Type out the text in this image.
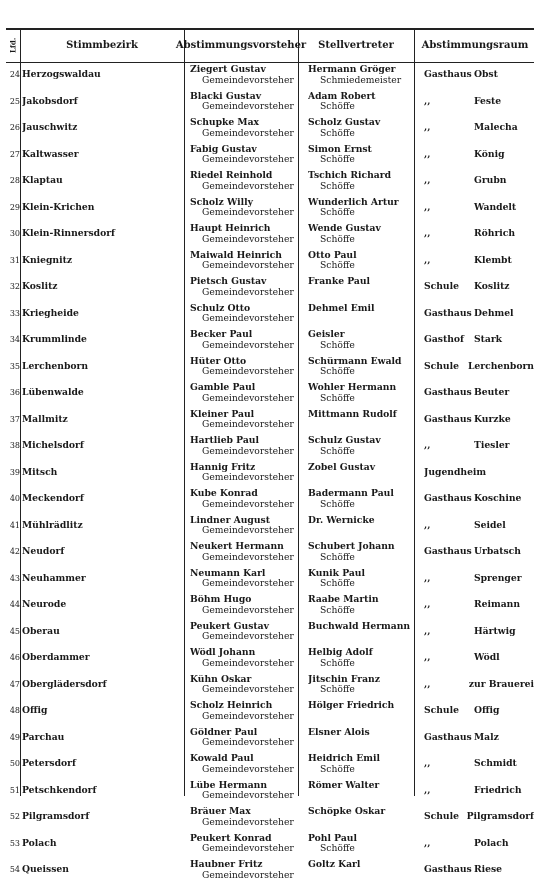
Lfd.	Stimmbezirk	Abstimmungsvorsteher	Stellvertreter	Abstimmungsraum
24 Herzogswaldau	Ziegert Gustav
Gemeindevorsteher
Hermann Gröger
Schmiedemeister	Gasthaus Obst
25 Jakobsdorf	Blacki Gustav
Gemeindevorsteher
Adam Robert
Schöffe	,,	Feste
26 Jauschwitz	Schupke Max
Gemeindevorsteher
Scholz Gustav
Schöffe	,,	Malecha
27 Kaltwasser	Fabig Gustav
Gemeindevorsteher
Simon Ernst
Schöffe	,,	König
28 Klaptau	Riedel Reinhold
Gemeindevorsteher
Tschich Richard
Schöffe	,,	Grubn
29 Klein-Krichen	Scholz Willy
Gemeindevorsteher
Wunderlich Artur
Schöffe	,,	Wandelt
30 Klein-Rinnersdorf	Haupt Heinrich
Gemeindevorsteher
Wende Gustav
Schöffe	,,	Röhrich
31 Kniegnitz	Maiwald Heinrich
Gemeindevorsteher
Otto Paul
Schöffe	,,	Klembt
32 Koslitz	Pietsch Gustav
Gemeindevorsteher
Franke Paul	Schule	Koslitz
33 Kriegheide	Schulz Otto
Gemeindevorsteher
Dehmel Emil	Gasthaus Dehmel
34 Krummlinde	Becker Paul
Gemeindevorsteher
Geisler
Schöffe	Gasthof	Stark
35 Lerchenborn	Hüter Otto
Gemeindevorsteher
Schürmann Ewald
Schöffe	Schule Lerchenborn
36 Lübenwalde	Gamble Paul
Gemeindevorsteher
Wohler Hermann
Schöffe	Gasthaus Beuter
37 Mallmitz	Kleiner Paul
Gemeindevorsteher
Mittmann Rudolf	Gasthaus Kurzke
38 Michelsdorf	Hartlieb Paul
Gemeindevorsteher
Schulz Gustav
Schöffe	,,	Tiesler
39 Mitsch	Hannig Fritz
Gemeindevorsteher
Zobel Gustav	Jugendheim
40 Meckendorf	Kube Konrad
Gemeindevorsteher
Badermann Paul
Schöffe	Gasthaus Koschine
41 Mühlrädlitz	Lindner August
Gemeindevorsteher
Dr. Wernicke	,,	Seidel
42 Neudorf	Neukert Hermann
Gemeindevorsteher
Schubert Johann
Schöffe	Gasthaus Urbatsch
43 Neuhammer	Neumann Karl
Gemeindevorsteher
Kunik Paul
Schöffe	,,	Sprenger
44 Neurode	Böhm Hugo
Gemeindevorsteher
Raabe Martin
Schöffe	,,	Reimann
45 Oberau	Peukert Gustav
Gemeindevorsteher
Buchwald Hermann	,,	Härtwig
46 Oberdammer	Wödl Johann
Gemeindevorsteher
Helbig Adolf
Schöffe	,,	Wödl
47 Oberglädersdorf	Kühn Oskar
Gemeindevorsteher
Jitschin Franz
Schöffe	,,	zur Brauerei
48 Offig	Scholz Heinrich
Gemeindevorsteher
Hölger Friedrich	Schule	Offig
49 Parchau	Göldner Paul
Gemeindevorsteher
Elsner Alois	Gasthaus Malz
50 Petersdorf	Kowald Paul
Gemeindevorsteher
Heidrich Emil
Schöffe	,,	Schmidt
51 Petschkendorf	Lübe Hermann
Gemeindevorsteher
Römer Walter	,,	Friedrich
52 Pilgramsdorf	Bräuer Max
Gemeindevorsteher
Schöpke Oskar	Schule Pilgramsdorf
53 Polach	Peukert Konrad
Gemeindevorsteher
Pohl Paul
Schöffe	,,	Polach
54 Queissen	Haubner Fritz
Gemeindevorsteher
Goltz Karl	Gasthaus Riese
